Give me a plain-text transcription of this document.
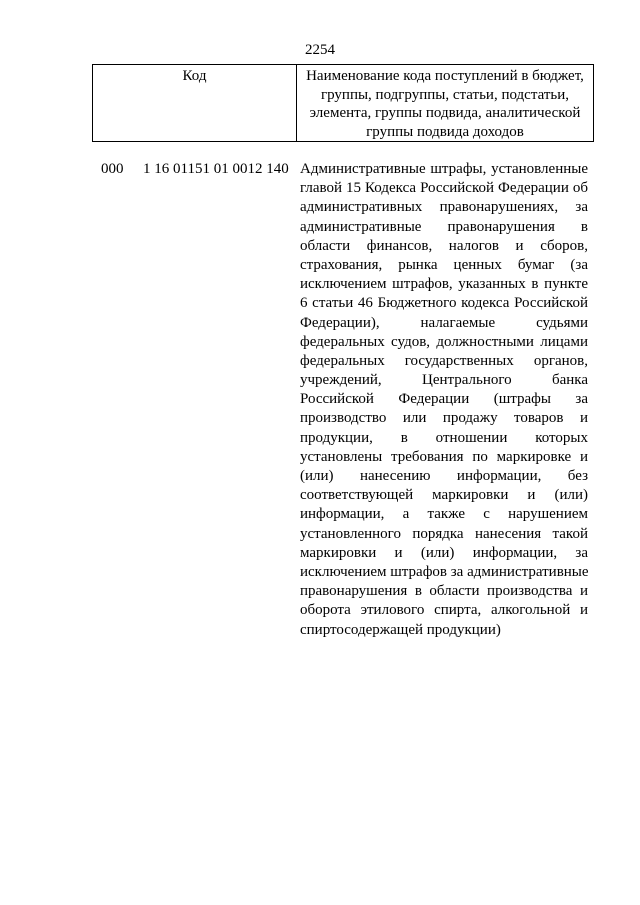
2254
Код	Наименование кода поступлений в бюджет, группы, подгруппы, статьи, подстатьи, элемента, группы подвида, аналитической группы подвида доходов
000 1 16 01151 01 0012 140 Административные штрафы, установленные
главой 15 Кодекса Российской Федерации об
административных правонарушениях, за
административные правонарушения в
области финансов, налогов и сборов,
страхования, рынка ценных бумаг (за
исключением штрафов, указанных в пункте
6 статьи 46 Бюджетного кодекса Российской
Федерации), налагаемые судьями
федеральных судов, должностными лицами
федеральных государственных органов,
учреждений, Центрального банка
Российской Федерации (штрафы за
производство или продажу товаров и
продукции, в отношении которых
установлены требования по маркировке и
(или) нанесению информации, без
соответствующей маркировки и (или)
информации, а также с нарушением
установленного порядка нанесения такой
маркировки и (или) информации, за
исключением штрафов за административные
правонарушения в области производства и
оборота этилового спирта, алкогольной и
спиртосодержащей продукции)
